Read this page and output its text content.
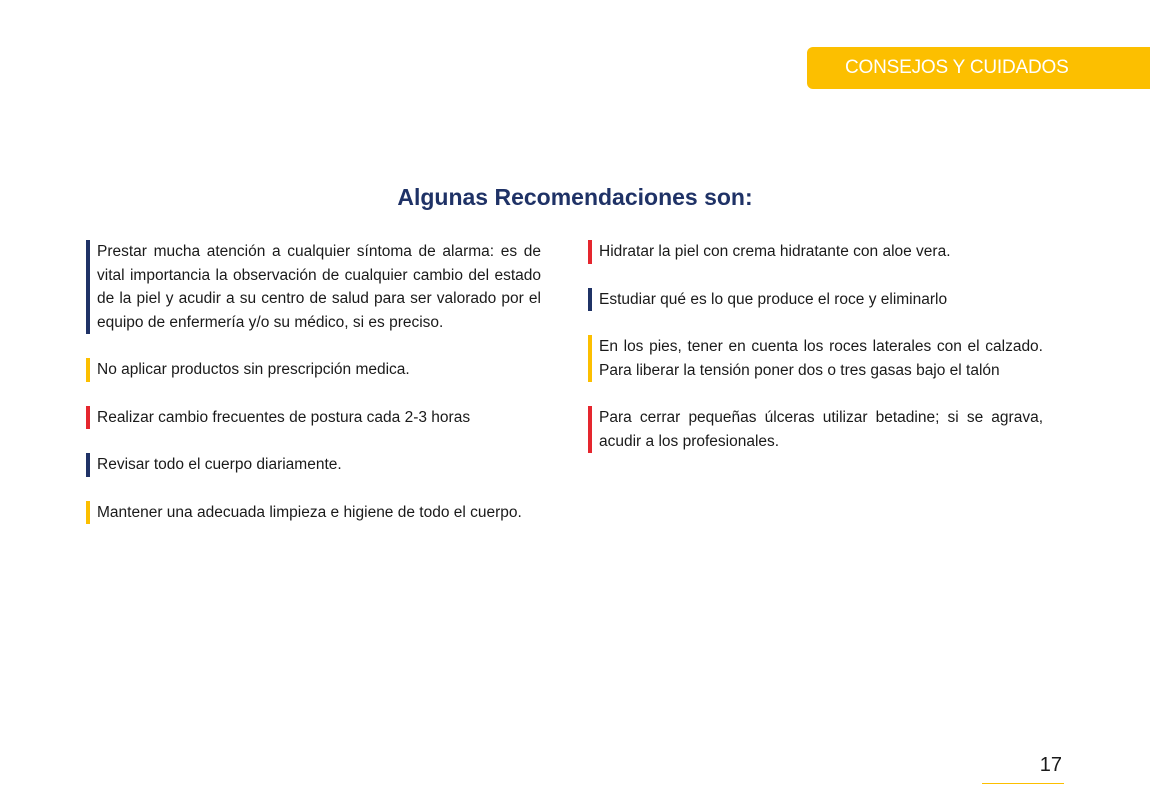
CONSEJOS Y CUIDADOS
Algunas Recomendaciones son:
Prestar mucha atención a cualquier síntoma de alarma: es de vital importancia la observación de cualquier cambio del estado de la piel y acudir a su centro de salud para ser valorado por el equipo de enfermería y/o su médico, si es preciso.
No aplicar productos sin prescripción medica.
Realizar cambio frecuentes de postura cada 2-3 horas
Revisar todo el cuerpo diariamente.
Mantener una adecuada limpieza e higiene de todo el cuerpo.
Hidratar la piel con crema hidratante con aloe vera.
Estudiar qué es lo que produce el roce y eliminarlo
En los pies, tener en cuenta los roces laterales con el calzado. Para liberar la tensión poner dos o tres gasas bajo el talón
Para cerrar pequeñas úlceras utilizar betadine; si se agrava, acudir a los profesionales.
17
